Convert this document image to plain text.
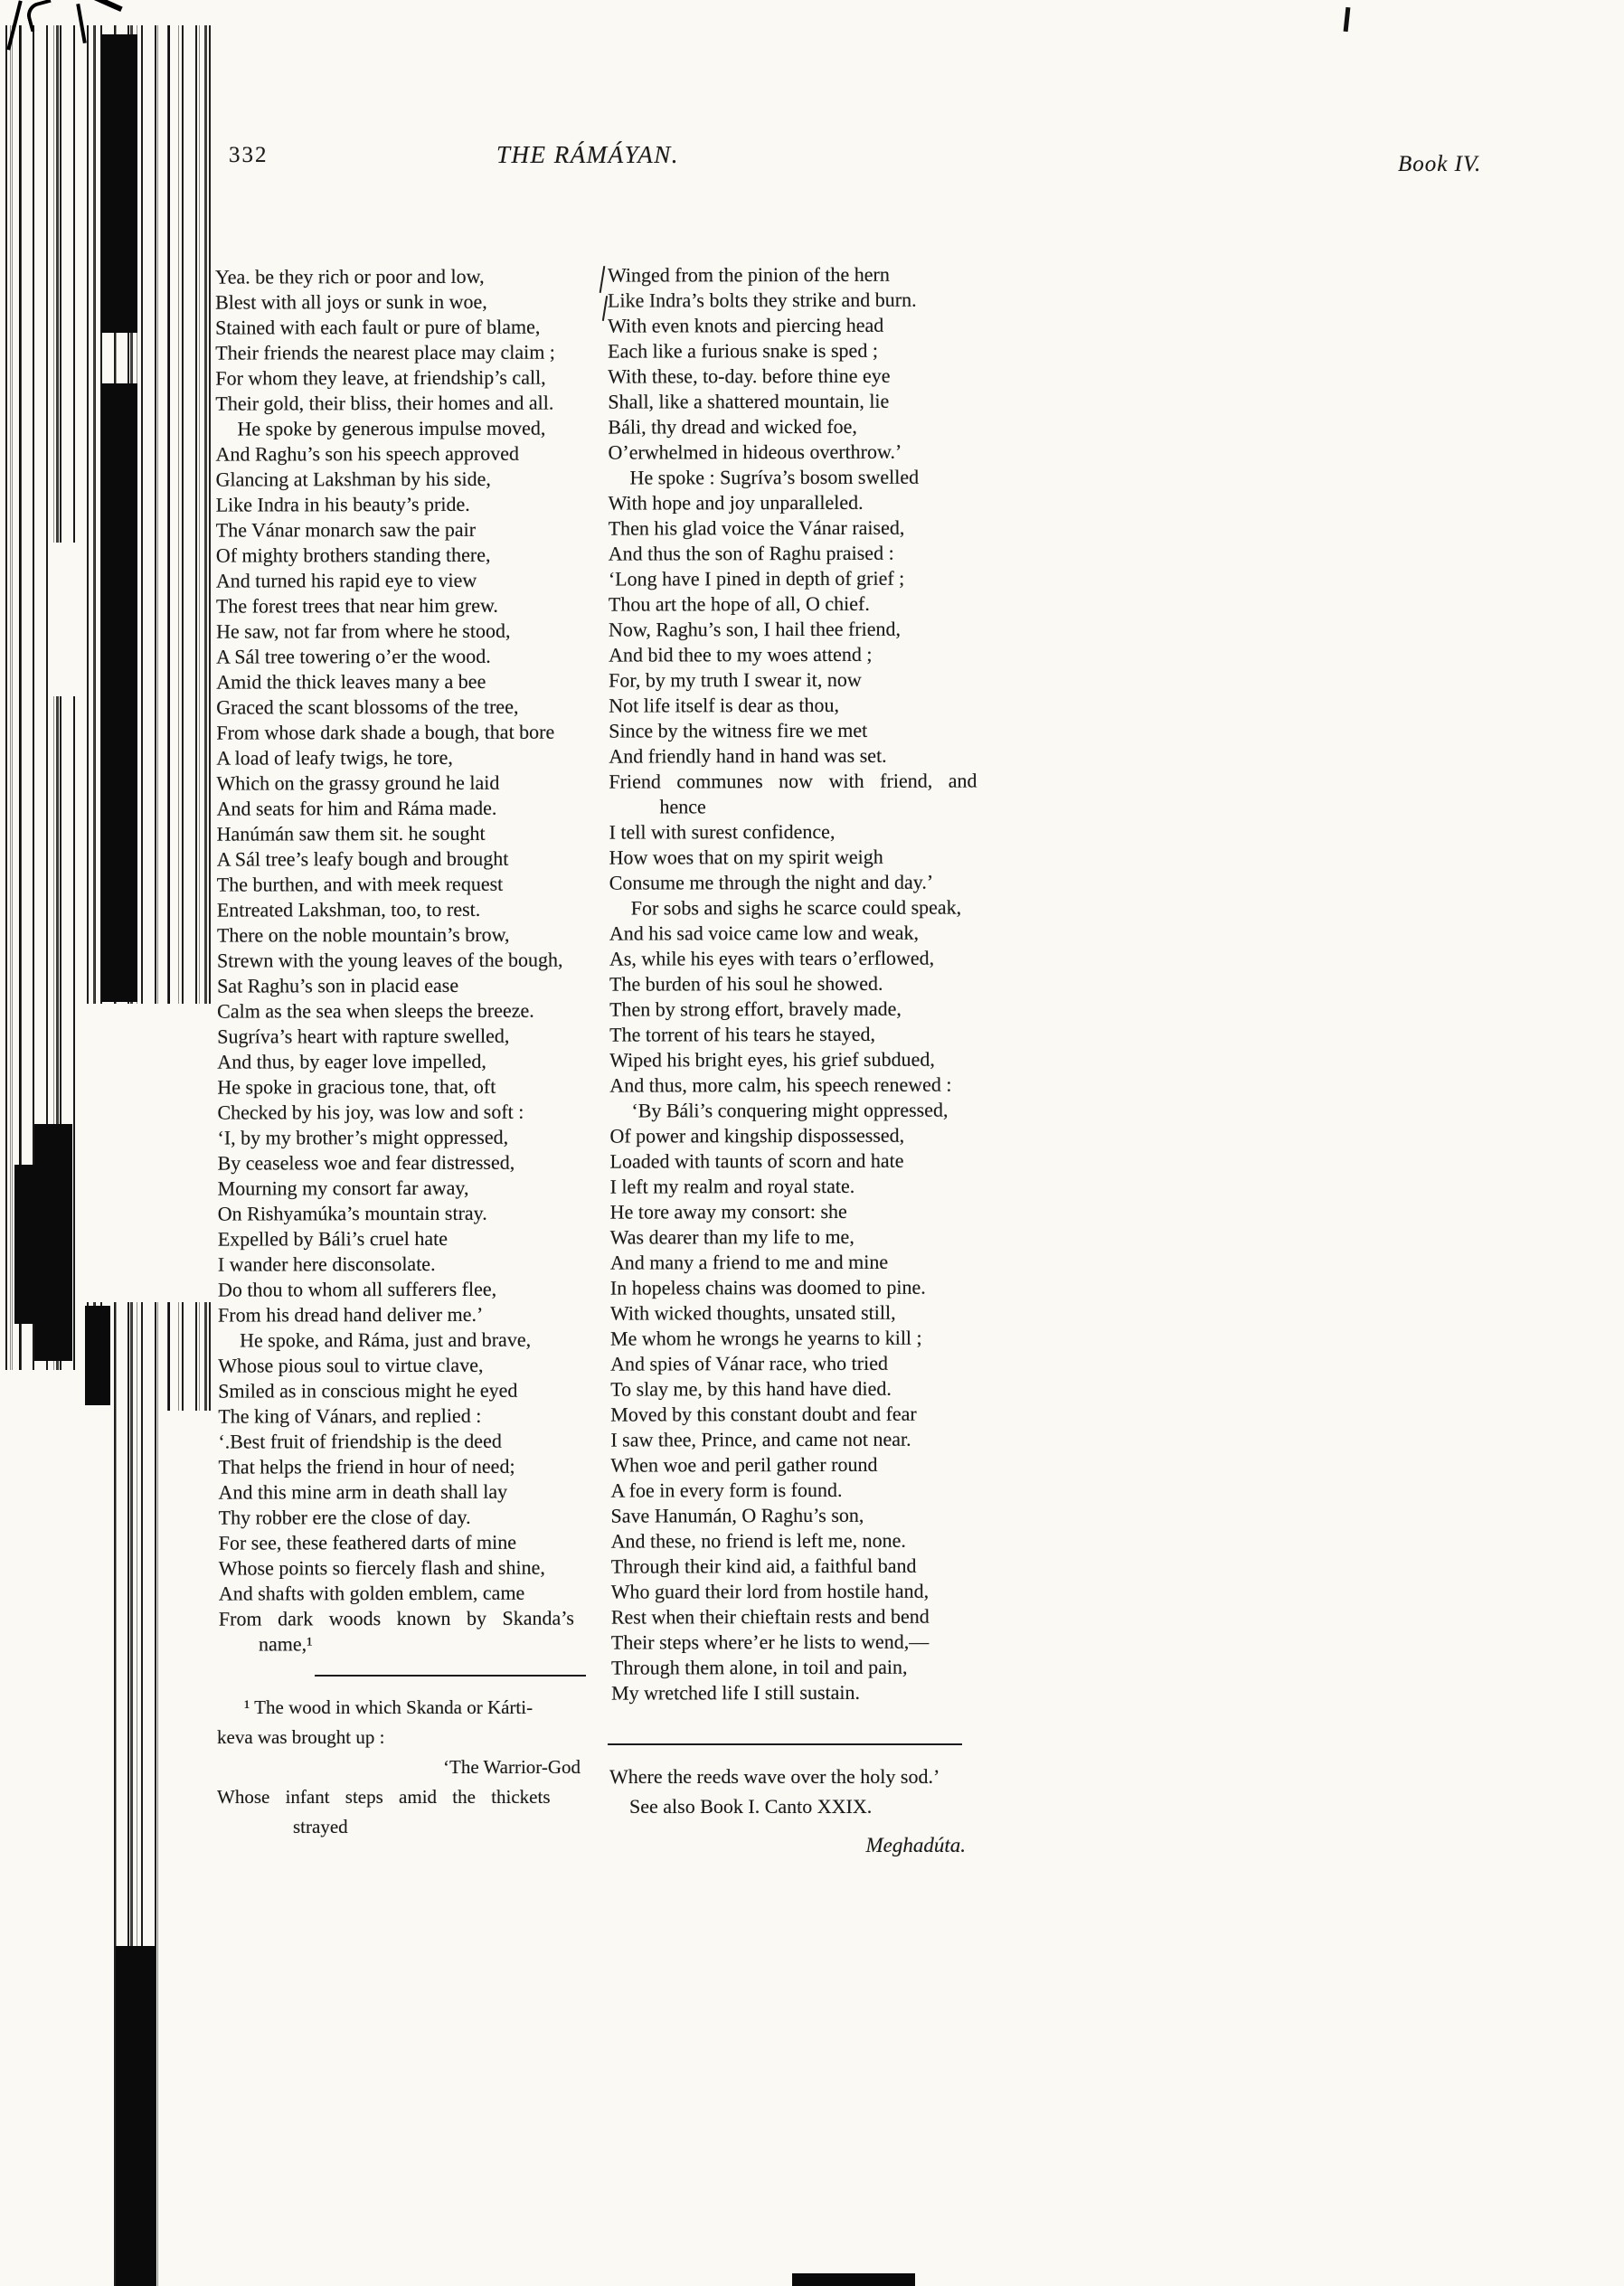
332	THE RÁMÁYAN.	Book IV.
Yea. be they rich or poor and low,
Blest with all joys or sunk in woe,
Stained with each fault or pure of blame,
Their friends the nearest place may claim ;
For whom they leave, at friendship’s call,
Their gold, their bliss, their homes and all.
He spoke by generous impulse moved,
And Raghu’s son his speech approved
Glancing at Lakshman by his side,
Like Indra in his beauty’s pride.
The Vánar monarch saw the pair
Of mighty brothers standing there,
And turned his rapid eye to view
The forest trees that near him grew.
He saw, not far from where he stood,
A Sál tree towering o’er the wood.
Amid the thick leaves many a bee
Graced the scant blossoms of the tree,
From whose dark shade a bough, that bore
A load of leafy twigs, he tore,
Which on the grassy ground he laid
And seats for him and Ráma made.
Hanúmán saw them sit. he sought
A Sál tree’s leafy bough and brought
The burthen, and with meek request
Entreated Lakshman, too, to rest.
There on the noble mountain’s brow,
Strewn with the young leaves of the bough,
Sat Raghu’s son in placid ease
Calm as the sea when sleeps the breeze.
Sugríva’s heart with rapture swelled,
And thus, by eager love impelled,
He spoke in gracious tone, that, oft
Checked by his joy, was low and soft :
‘I, by my brother’s might oppressed,
By ceaseless woe and fear distressed,
Mourning my consort far away,
On Rishyamúka’s mountain stray.
Expelled by Báli’s cruel hate
I wander here disconsolate.
Do thou to whom all sufferers flee,
From his dread hand deliver me.’
He spoke, and Ráma, just and brave,
Whose pious soul to virtue clave,
Smiled as in conscious might he eyed
The king of Vánars, and replied :
‘.Best fruit of friendship is the deed
That helps the friend in hour of need;
And this mine arm in death shall lay
Thy robber ere the close of day.
For see, these feathered darts of mine
Whose points so fiercely flash and shine,
And shafts with golden emblem, came
From dark woods known by Skanda’s
name,¹
Winged from the pinion of the hern
Like Indra’s bolts they strike and burn.
With even knots and piercing head
Each like a furious snake is sped ;
With these, to-day. before thine eye
Shall, like a shattered mountain, lie
Báli, thy dread and wicked foe,
O’erwhelmed in hideous overthrow.’
He spoke : Sugríva’s bosom swelled
With hope and joy unparalleled.
Then his glad voice the Vánar raised,
And thus the son of Raghu praised :
‘Long have I pined in depth of grief ;
Thou art the hope of all, O chief.
Now, Raghu’s son, I hail thee friend,
And bid thee to my woes attend ;
For, by my truth I swear it, now
Not life itself is dear as thou,
Since by the witness fire we met
And friendly hand in hand was set.
Friend communes now with friend, and
hence
I tell with surest confidence,
How woes that on my spirit weigh
Consume me through the night and day.’
For sobs and sighs he scarce could speak,
And his sad voice came low and weak,
As, while his eyes with tears o’erflowed,
The burden of his soul he showed.
Then by strong effort, bravely made,
The torrent of his tears he stayed,
Wiped his bright eyes, his grief subdued,
And thus, more calm, his speech renewed :
‘By Báli’s conquering might oppressed,
Of power and kingship dispossessed,
Loaded with taunts of scorn and hate
I left my realm and royal state.
He tore away my consort: she
Was dearer than my life to me,
And many a friend to me and mine
In hopeless chains was doomed to pine.
With wicked thoughts, unsated still,
Me whom he wrongs he yearns to kill ;
And spies of Vánar race, who tried
To slay me, by this hand have died.
Moved by this constant doubt and fear
I saw thee, Prince, and came not near.
When woe and peril gather round
A foe in every form is found.
Save Hanumán, O Raghu’s son,
And these, no friend is left me, none.
Through their kind aid, a faithful band
Who guard their lord from hostile hand,
Rest when their chieftain rests and bend
Their steps where’er he lists to wend,—
Through them alone, in toil and pain,
My wretched life I still sustain.
¹ The wood in which Skanda or Kárti-
keva was brought up :
‘The Warrior-God
Whose infant steps amid the thickets
strayed
Where the reeds wave over the holy sod.’
See also Book I. Canto XXIX.
Meghadúta.
